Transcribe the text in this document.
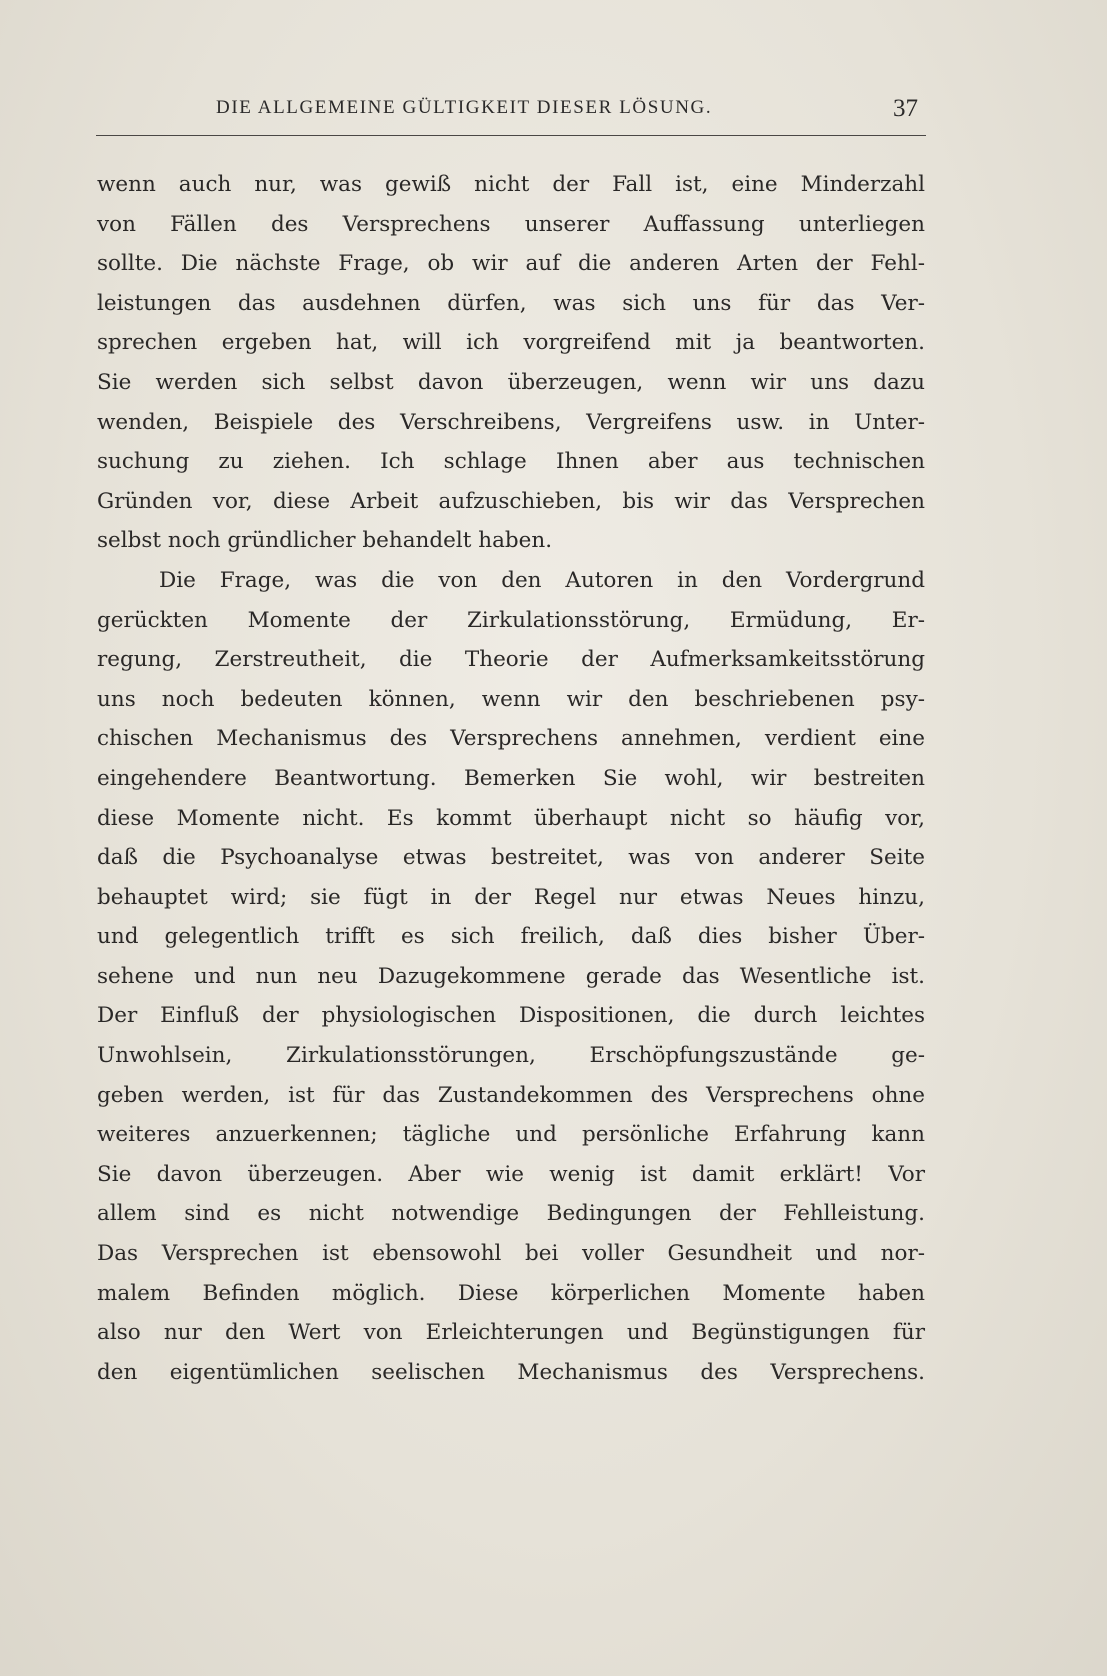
DIE ALLGEMEINE GÜLTIGKEIT DIESER LÖSUNG.	37
wenn auch nur, was gewiß nicht der Fall ist, eine Minderzahl
von Fällen des Versprechens unserer Auffassung unterliegen
sollte. Die nächste Frage, ob wir auf die anderen Arten der Fehl-
leistungen das ausdehnen dürfen, was sich uns für das Ver-
sprechen ergeben hat, will ich vorgreifend mit ja beantworten.
Sie werden sich selbst davon überzeugen, wenn wir uns dazu
wenden, Beispiele des Verschreibens, Vergreifens usw. in Unter-
suchung zu ziehen. Ich schlage Ihnen aber aus technischen
Gründen vor, diese Arbeit aufzuschieben, bis wir das Versprechen
selbst noch gründlicher behandelt haben.
Die Frage, was die von den Autoren in den Vordergrund
gerückten Momente der Zirkulationsstörung, Ermüdung, Er-
regung, Zerstreutheit, die Theorie der Aufmerksamkeitsstörung
uns noch bedeuten können, wenn wir den beschriebenen psy-
chischen Mechanismus des Versprechens annehmen, verdient eine
eingehendere Beantwortung. Bemerken Sie wohl, wir bestreiten
diese Momente nicht. Es kommt überhaupt nicht so häufig vor,
daß die Psychoanalyse etwas bestreitet, was von anderer Seite
behauptet wird; sie fügt in der Regel nur etwas Neues hinzu,
und gelegentlich trifft es sich freilich, daß dies bisher Über-
sehene und nun neu Dazugekommene gerade das Wesentliche ist.
Der Einfluß der physiologischen Dispositionen, die durch leichtes
Unwohlsein, Zirkulationsstörungen, Erschöpfungszustände ge-
geben werden, ist für das Zustandekommen des Versprechens ohne
weiteres anzuerkennen; tägliche und persönliche Erfahrung kann
Sie davon überzeugen. Aber wie wenig ist damit erklärt! Vor
allem sind es nicht notwendige Bedingungen der Fehlleistung.
Das Versprechen ist ebensowohl bei voller Gesundheit und nor-
malem Befinden möglich. Diese körperlichen Momente haben
also nur den Wert von Erleichterungen und Begünstigungen für
den eigentümlichen seelischen Mechanismus des Versprechens.
